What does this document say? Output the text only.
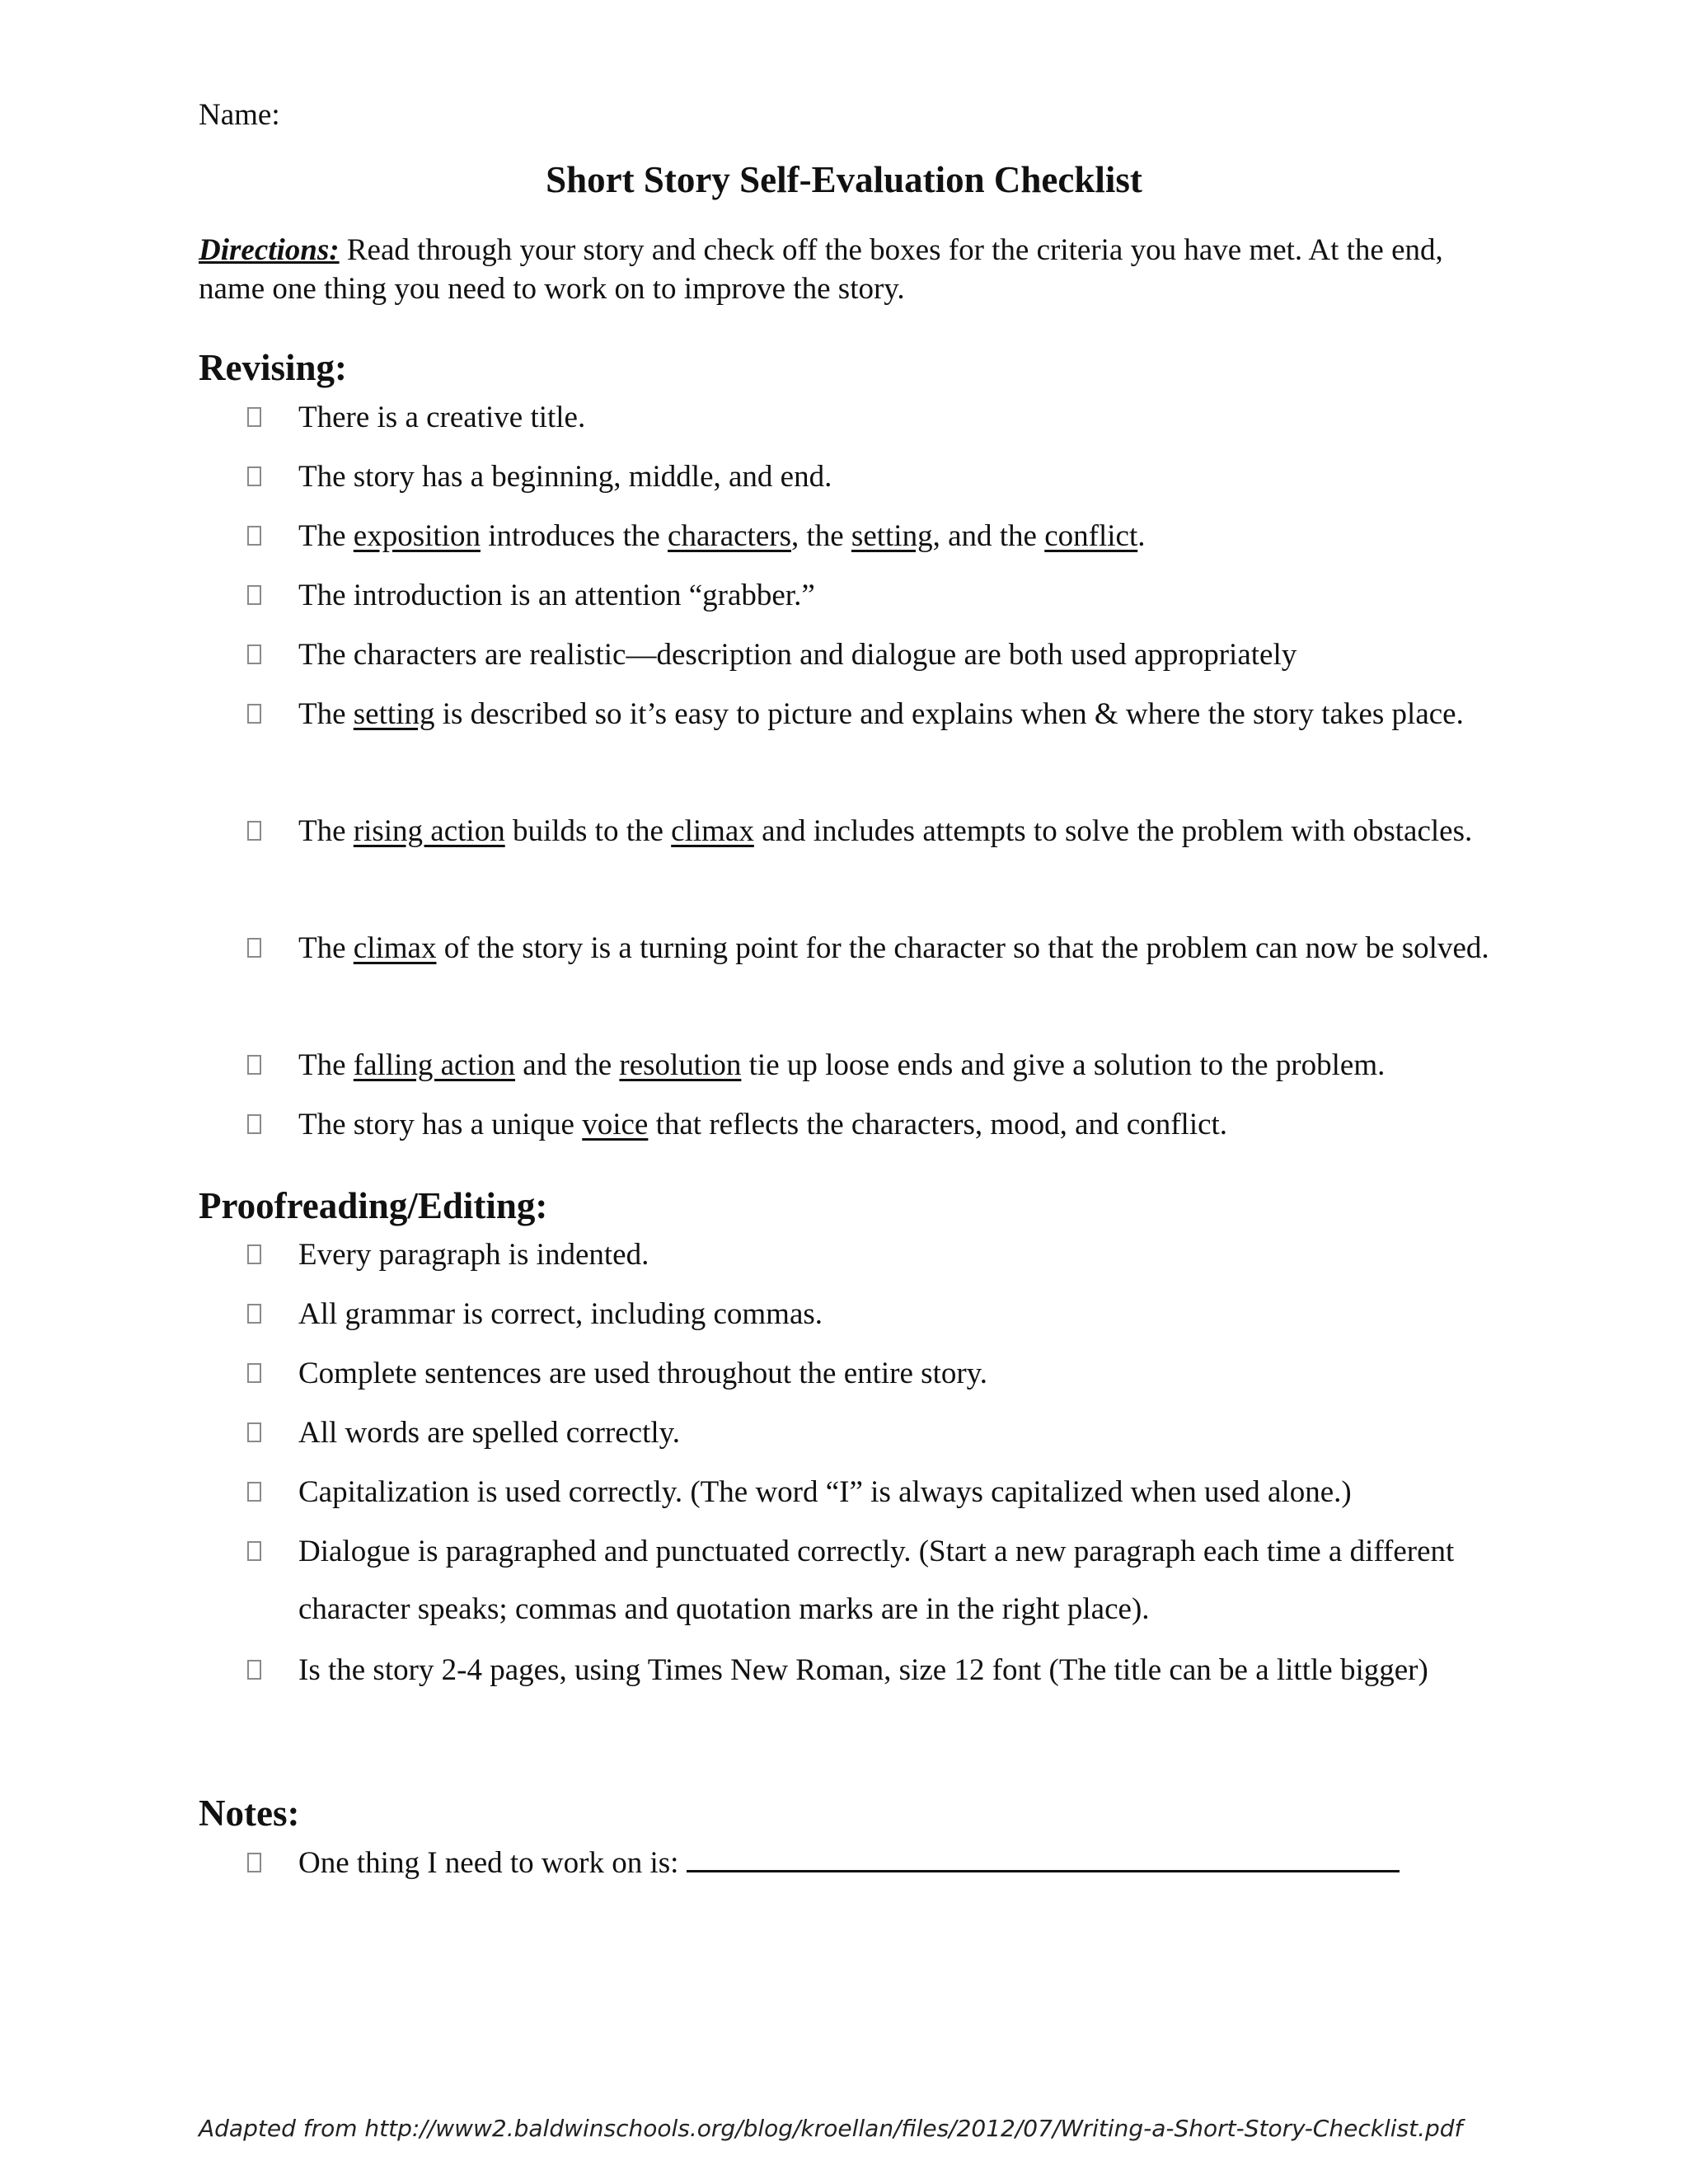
Name:
Short Story Self-Evaluation Checklist
Directions: Read through your story and check off the boxes for the criteria you have met. At the end, name one thing you need to work on to improve the story.
Revising:
There is a creative title.
The story has a beginning, middle, and end.
The exposition introduces the characters, the setting, and the conflict.
The introduction is an attention “grabber.”
The characters are realistic—description and dialogue are both used appropriately
The setting is described so it’s easy to picture and explains when & where the story takes place.
The rising action builds to the climax and includes attempts to solve the problem with obstacles.
The climax of the story is a turning point for the character so that the problem can now be solved.
The falling action and the resolution tie up loose ends and give a solution to the problem.
The story has a unique voice that reflects the characters, mood, and conflict.
Proofreading/Editing:
Every paragraph is indented.
All grammar is correct, including commas.
Complete sentences are used throughout the entire story.
All words are spelled correctly.
Capitalization is used correctly. (The word “I” is always capitalized when used alone.)
Dialogue is paragraphed and punctuated correctly. (Start a new paragraph each time a different character speaks; commas and quotation marks are in the right place).
Is the story 2-4 pages, using Times New Roman, size 12 font (The title can be a little bigger)
Notes:
One thing I need to work on is:
Adapted from http://www2.baldwinschools.org/blog/kroellan/files/2012/07/Writing-a-Short-Story-Checklist.pdf
